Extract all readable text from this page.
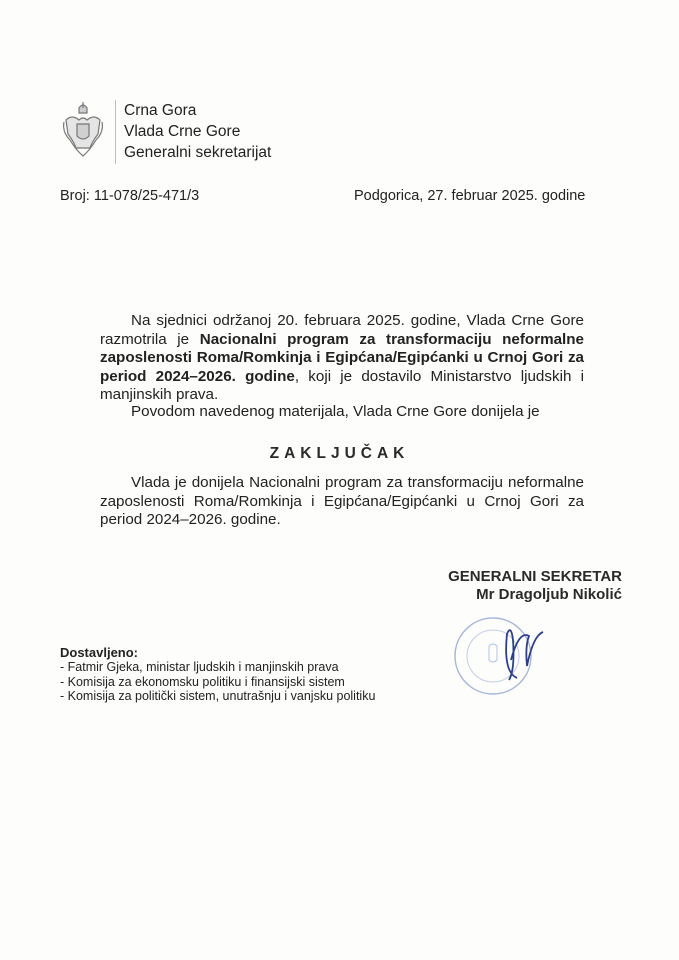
Crna Gora
Vlada Crne Gore
Generalni sekretarijat
Broj: 11-078/25-471/3	Podgorica, 27. februar 2025. godine
Na sjednici održanoj 20. februara 2025. godine, Vlada Crne Gore razmotrila je Nacionalni program za transformaciju neformalne zaposlenosti Roma/Romkinja i Egipćana/Egipćanki u Crnoj Gori za period 2024–2026. godine, koji je dostavilo Ministarstvo ljudskih i manjinskih prava.
Povodom navedenog materijala, Vlada Crne Gore donijela je
ZAKLJUČAK
Vlada je donijela Nacionalni program za transformaciju neformalne zaposlenosti Roma/Romkinja i Egipćana/Egipćanki u Crnoj Gori za period 2024–2026. godine.
GENERALNI SEKRETAR
Mr Dragoljub Nikolić
Dostavljeno:
- Fatmir Gjeka, ministar ljudskih i manjinskih prava
- Komisija za ekonomsku politiku i finansijski sistem
- Komisija za politički sistem, unutrašnju i vanjsku politiku
